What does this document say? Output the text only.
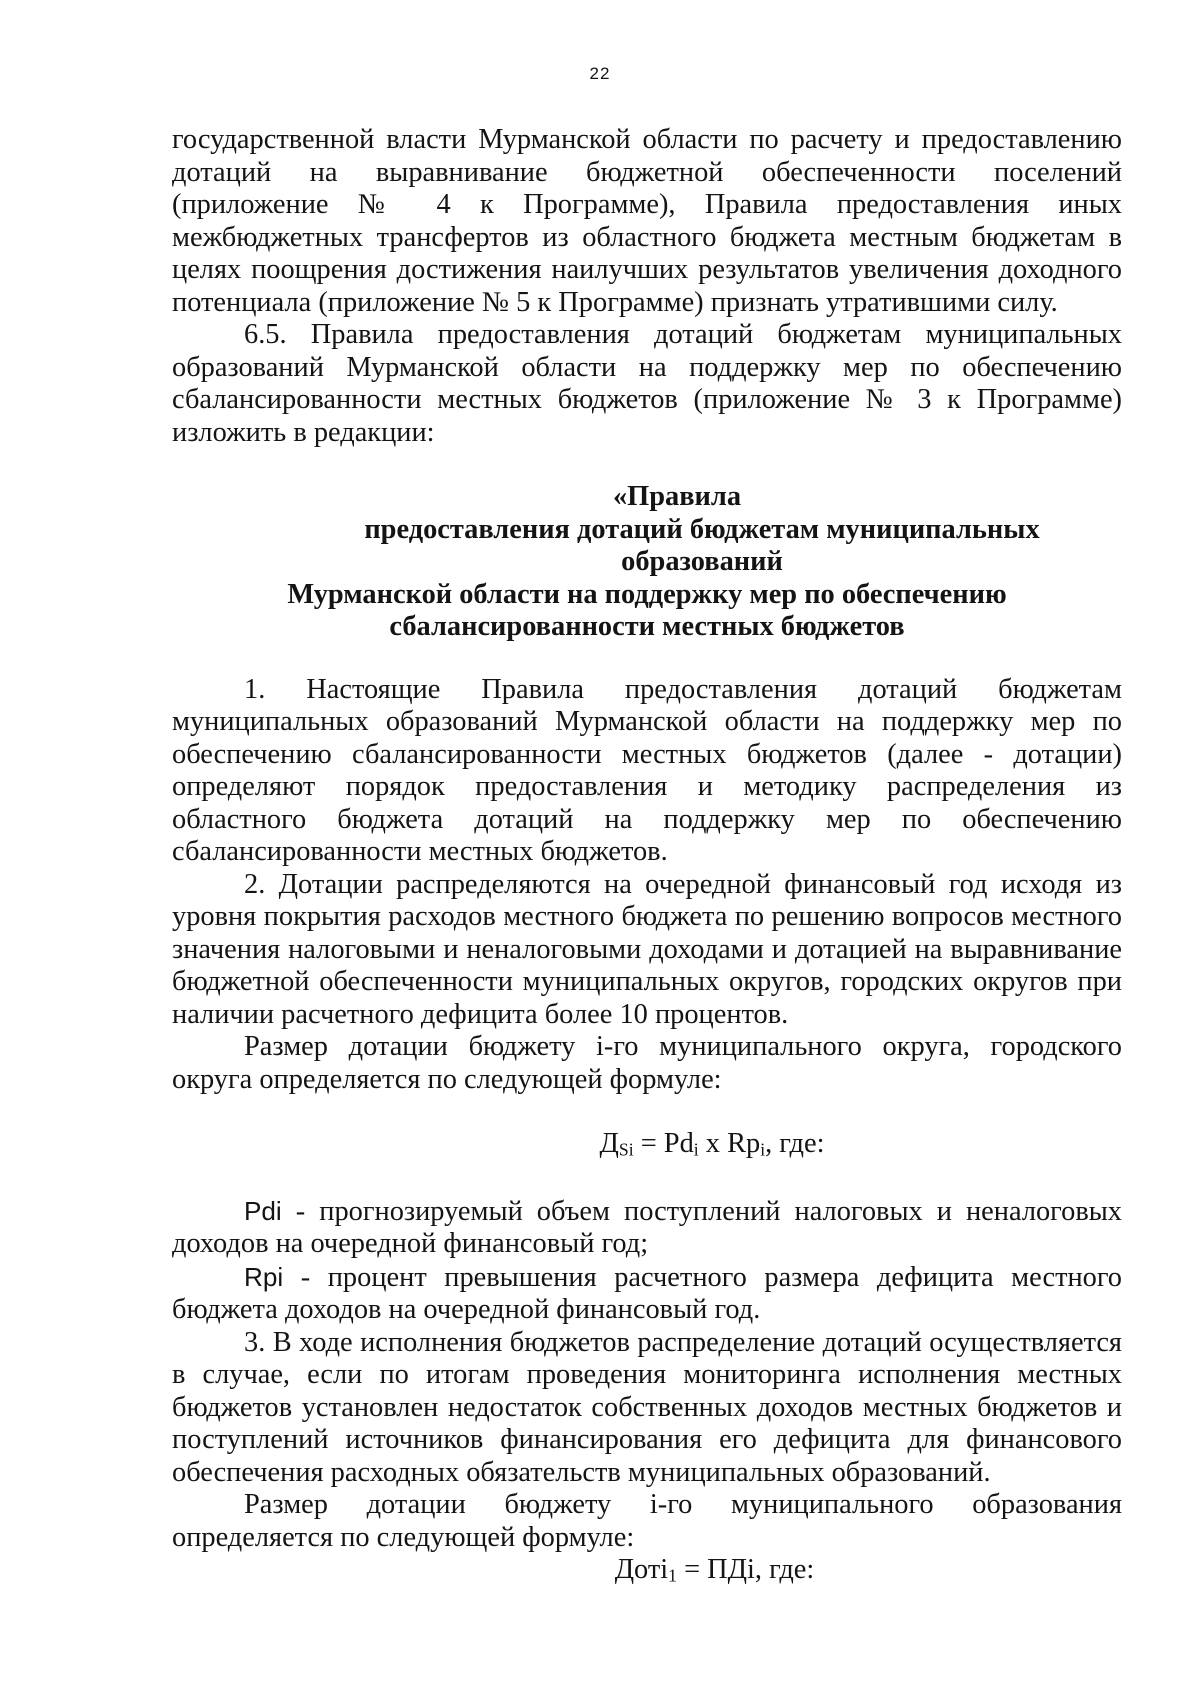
22

государственной власти Мурманской области по расчету и предоставлению дотаций на выравнивание бюджетной обеспеченности поселений (приложение № 4 к Программе), Правила предоставления иных межбюджетных трансфертов из областного бюджета местным бюджетам в целях поощрения достижения наилучших результатов увеличения доходного потенциала (приложение № 5 к Программе) признать утратившими силу.

6.5. Правила предоставления дотаций бюджетам муниципальных образований Мурманской области на поддержку мер по обеспечению сбалансированности местных бюджетов (приложение № 3 к Программе) изложить в редакции:

«Правила
предоставления дотаций бюджетам муниципальных образований
Мурманской области на поддержку мер по обеспечению
сбалансированности местных бюджетов

1. Настоящие Правила предоставления дотаций бюджетам муниципальных образований Мурманской области на поддержку мер по обеспечению сбалансированности местных бюджетов (далее - дотации) определяют порядок предоставления и методику распределения из областного бюджета дотаций на поддержку мер по обеспечению сбалансированности местных бюджетов.

2. Дотации распределяются на очередной финансовый год исходя из уровня покрытия расходов местного бюджета по решению вопросов местного значения налоговыми и неналоговыми доходами и дотацией на выравнивание бюджетной обеспеченности муниципальных округов, городских округов при наличии расчетного дефицита более 10 процентов.

Размер дотации бюджету i-го муниципального округа, городского округа определяется по следующей формуле:

$Д_{Si} = Pd_i$ x $Rp_i$, где:

Pdi - прогнозируемый объем поступлений налоговых и неналоговых доходов на очередной финансовый год;

Rpi - процент превышения расчетного размера дефицита местного бюджета доходов на очередной финансовый год.

3. В ходе исполнения бюджетов распределение дотаций осуществляется в случае, если по итогам проведения мониторинга исполнения местных бюджетов установлен недостаток собственных доходов местных бюджетов и поступлений источников финансирования его дефицита для финансового обеспечения расходных обязательств муниципальных образований.

Размер дотации бюджету i-го муниципального образования определяется по следующей формуле:

Доті$_1$ = ПДі, где:
